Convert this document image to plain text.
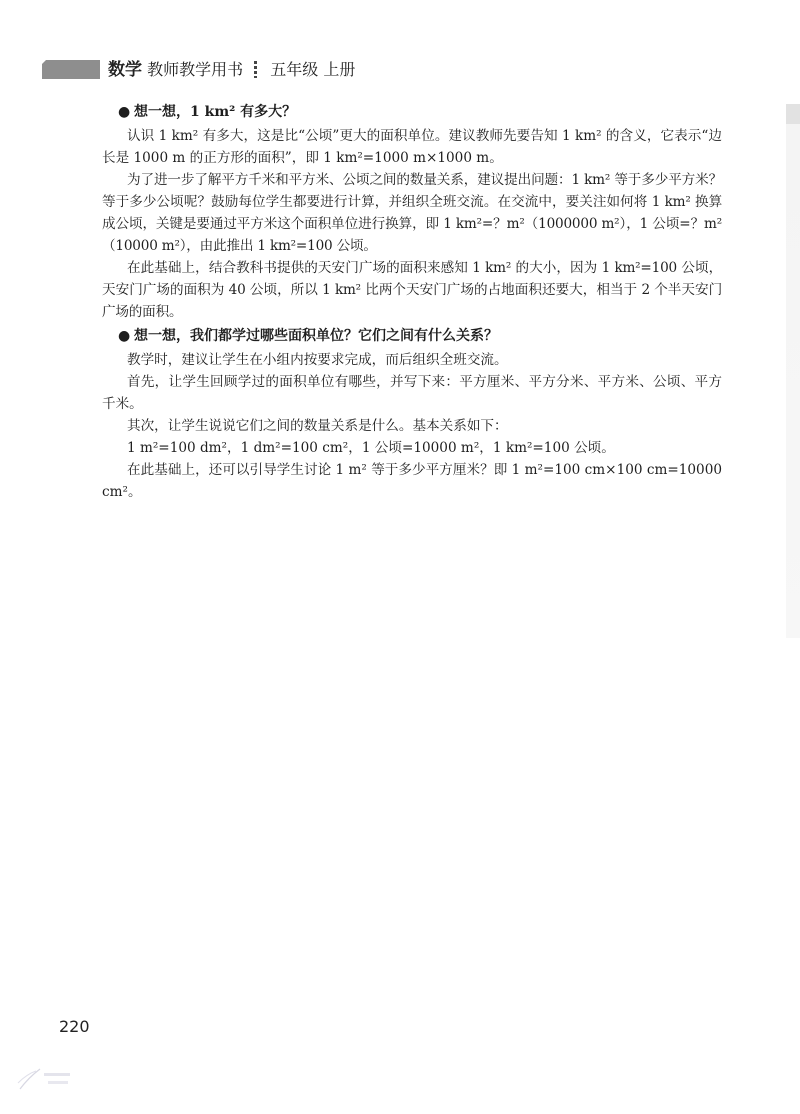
数学 教师教学用书 五年级 上册

● 想一想，1 km² 有多大？

认识 1 km² 有多大，这是比“公顷”更大的面积单位。建议教师先要告知 1 km² 的含义，它表示“边长是 1000 m 的正方形的面积”，即 1 km²=1000 m×1000 m。

为了进一步了解平方千米和平方米、公顷之间的数量关系，建议提出问题：1 km² 等于多少平方米？等于多少公顷呢？鼓励每位学生都要进行计算，并组织全班交流。在交流中，要关注如何将 1 km² 换算成公顷，关键是要通过平方米这个面积单位进行换算，即 1 km²=？m²（1000000 m²），1 公顷=？m²（10000 m²），由此推出 1 km²=100 公顷。

在此基础上，结合教科书提供的天安门广场的面积来感知 1 km² 的大小，因为 1 km²=100 公顷，天安门广场的面积为 40 公顷，所以 1 km² 比两个天安门广场的占地面积还要大，相当于 2 个半天安门广场的面积。

● 想一想，我们都学过哪些面积单位？它们之间有什么关系？

教学时，建议让学生在小组内按要求完成，而后组织全班交流。

首先，让学生回顾学过的面积单位有哪些，并写下来：平方厘米、平方分米、平方米、公顷、平方千米。

其次，让学生说说它们之间的数量关系是什么。基本关系如下：

1 m²=100 dm²，1 dm²=100 cm²，1 公顷=10000 m²，1 km²=100 公顷。

在此基础上，还可以引导学生讨论 1 m² 等于多少平方厘米？即 1 m²=100 cm×100 cm=10000 cm²。

220
